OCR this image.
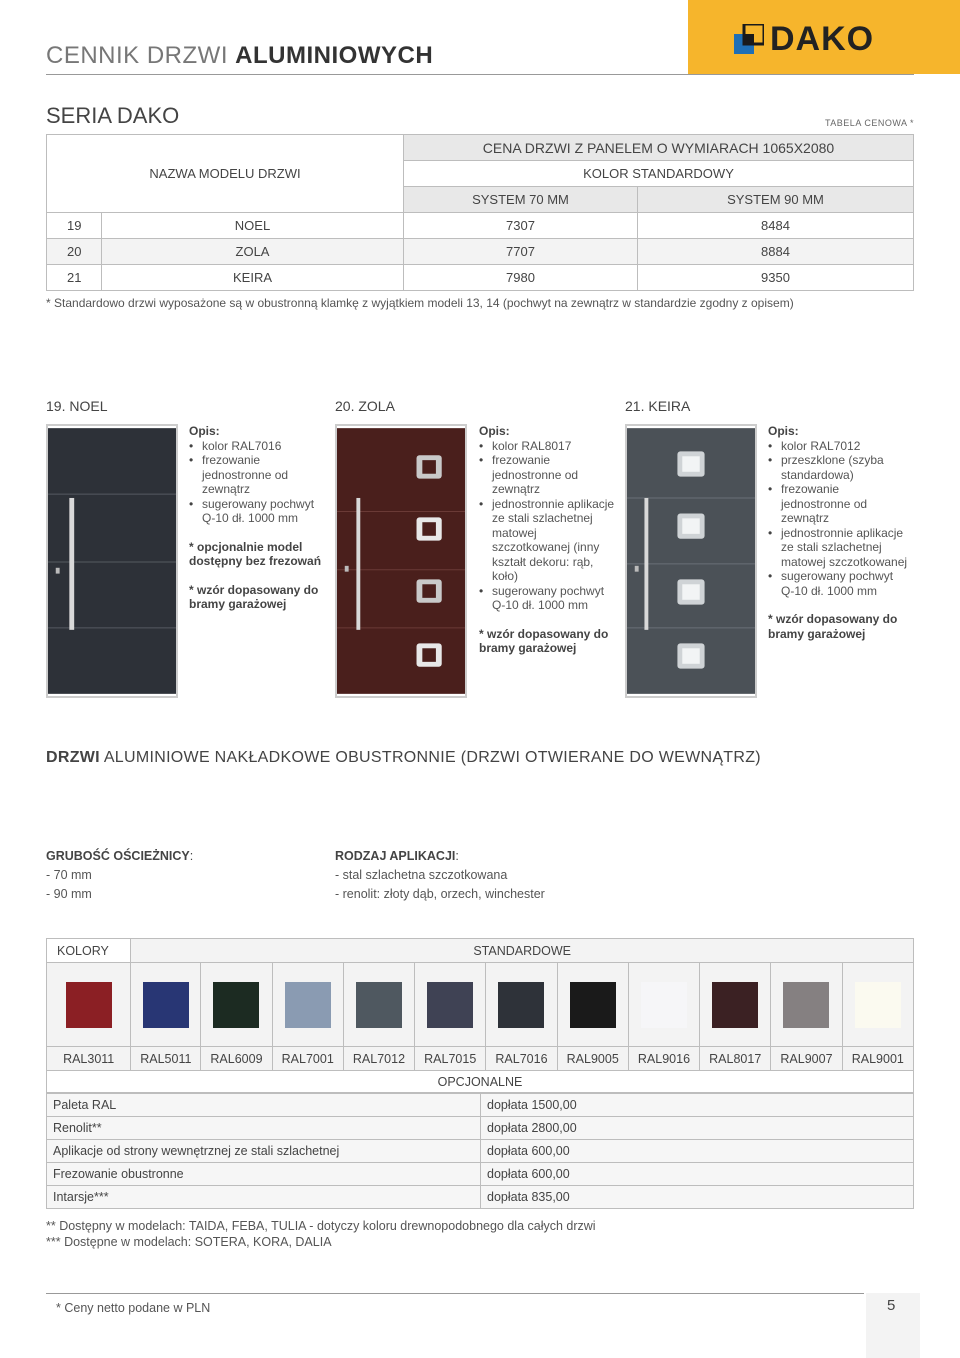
CENNIK DRZWI ALUMINIOWYCH	DAKO
SERIA DAKO	TABELA CENOWA *
NAZWA MODELU DRZWI		CENA DRZWI Z PANELEM O WYMIARACH 1065X2080	
		KOLOR STANDARDOWY	
		SYSTEM 70 MM	SYSTEM 90 MM
19	NOEL	7307	8484
20	ZOLA	7707	8884
21	KEIRA	7980	9350
* Standardowo drzwi wyposażone są w obustronną klamkę z wyjątkiem modeli 13, 14 (pochwyt na zewnątrz w standardzie zgodny z opisem)
19. NOEL	20. ZOLA	21. KEIRA
Opis:
• kolor RAL7016
• frezowanie jednostronne od zewnątrz
• sugerowany pochwyt Q-10 dł. 1000 mm
* opcjonalnie model dostępny bez frezowań
* wzór dopasowany do bramy garażowej
Opis:
• kolor RAL8017
• frezowanie jednostronne od zewnątrz
• jednostronnie aplikacje ze stali szlachetnej matowej szczotkowanej (inny kształt dekoru: rąb, koło)
• sugerowany pochwyt Q-10 dł. 1000 mm
* wzór dopasowany do bramy garażowej
Opis:
• kolor RAL7012
• przeszklone (szyba standardowa)
• frezowanie jednostronne od zewnątrz
• jednostronnie aplikacje ze stali szlachetnej matowej szczotkowanej
• sugerowany pochwyt Q-10 dł. 1000 mm
* wzór dopasowany do bramy garażowej
DRZWI ALUMINIOWE NAKŁADKOWE OBUSTRONNIE (DRZWI OTWIERANE DO WEWNĄTRZ)
GRUBOŚĆ OŚCIEŻNICY:
- 70 mm
- 90 mm
RODZAJ APLIKACJI:
- stal szlachetna szczotkowana
- renolit: złoty dąb, orzech, winchester
KOLORY	STANDARDOWE										

RAL3011	RAL5011	RAL6009	RAL7001	RAL7012	RAL7015	RAL7016	RAL9005	RAL9016	RAL8017	RAL9007	RAL9001
OPCJONALNE											
Paleta RAL	dopłata 1500,00
Renolit**	dopłata 2800,00
Aplikacje od strony wewnętrznej ze stali szlachetnej	dopłata 600,00
Frezowanie obustronne	dopłata 600,00
Intarsje***	dopłata 835,00
** Dostępny w modelach: TAIDA, FEBA, TULIA - dotyczy koloru drewnopodobnego dla całych drzwi
*** Dostępne w modelach: SOTERA, KORA, DALIA
* Ceny netto podane w PLN	5
